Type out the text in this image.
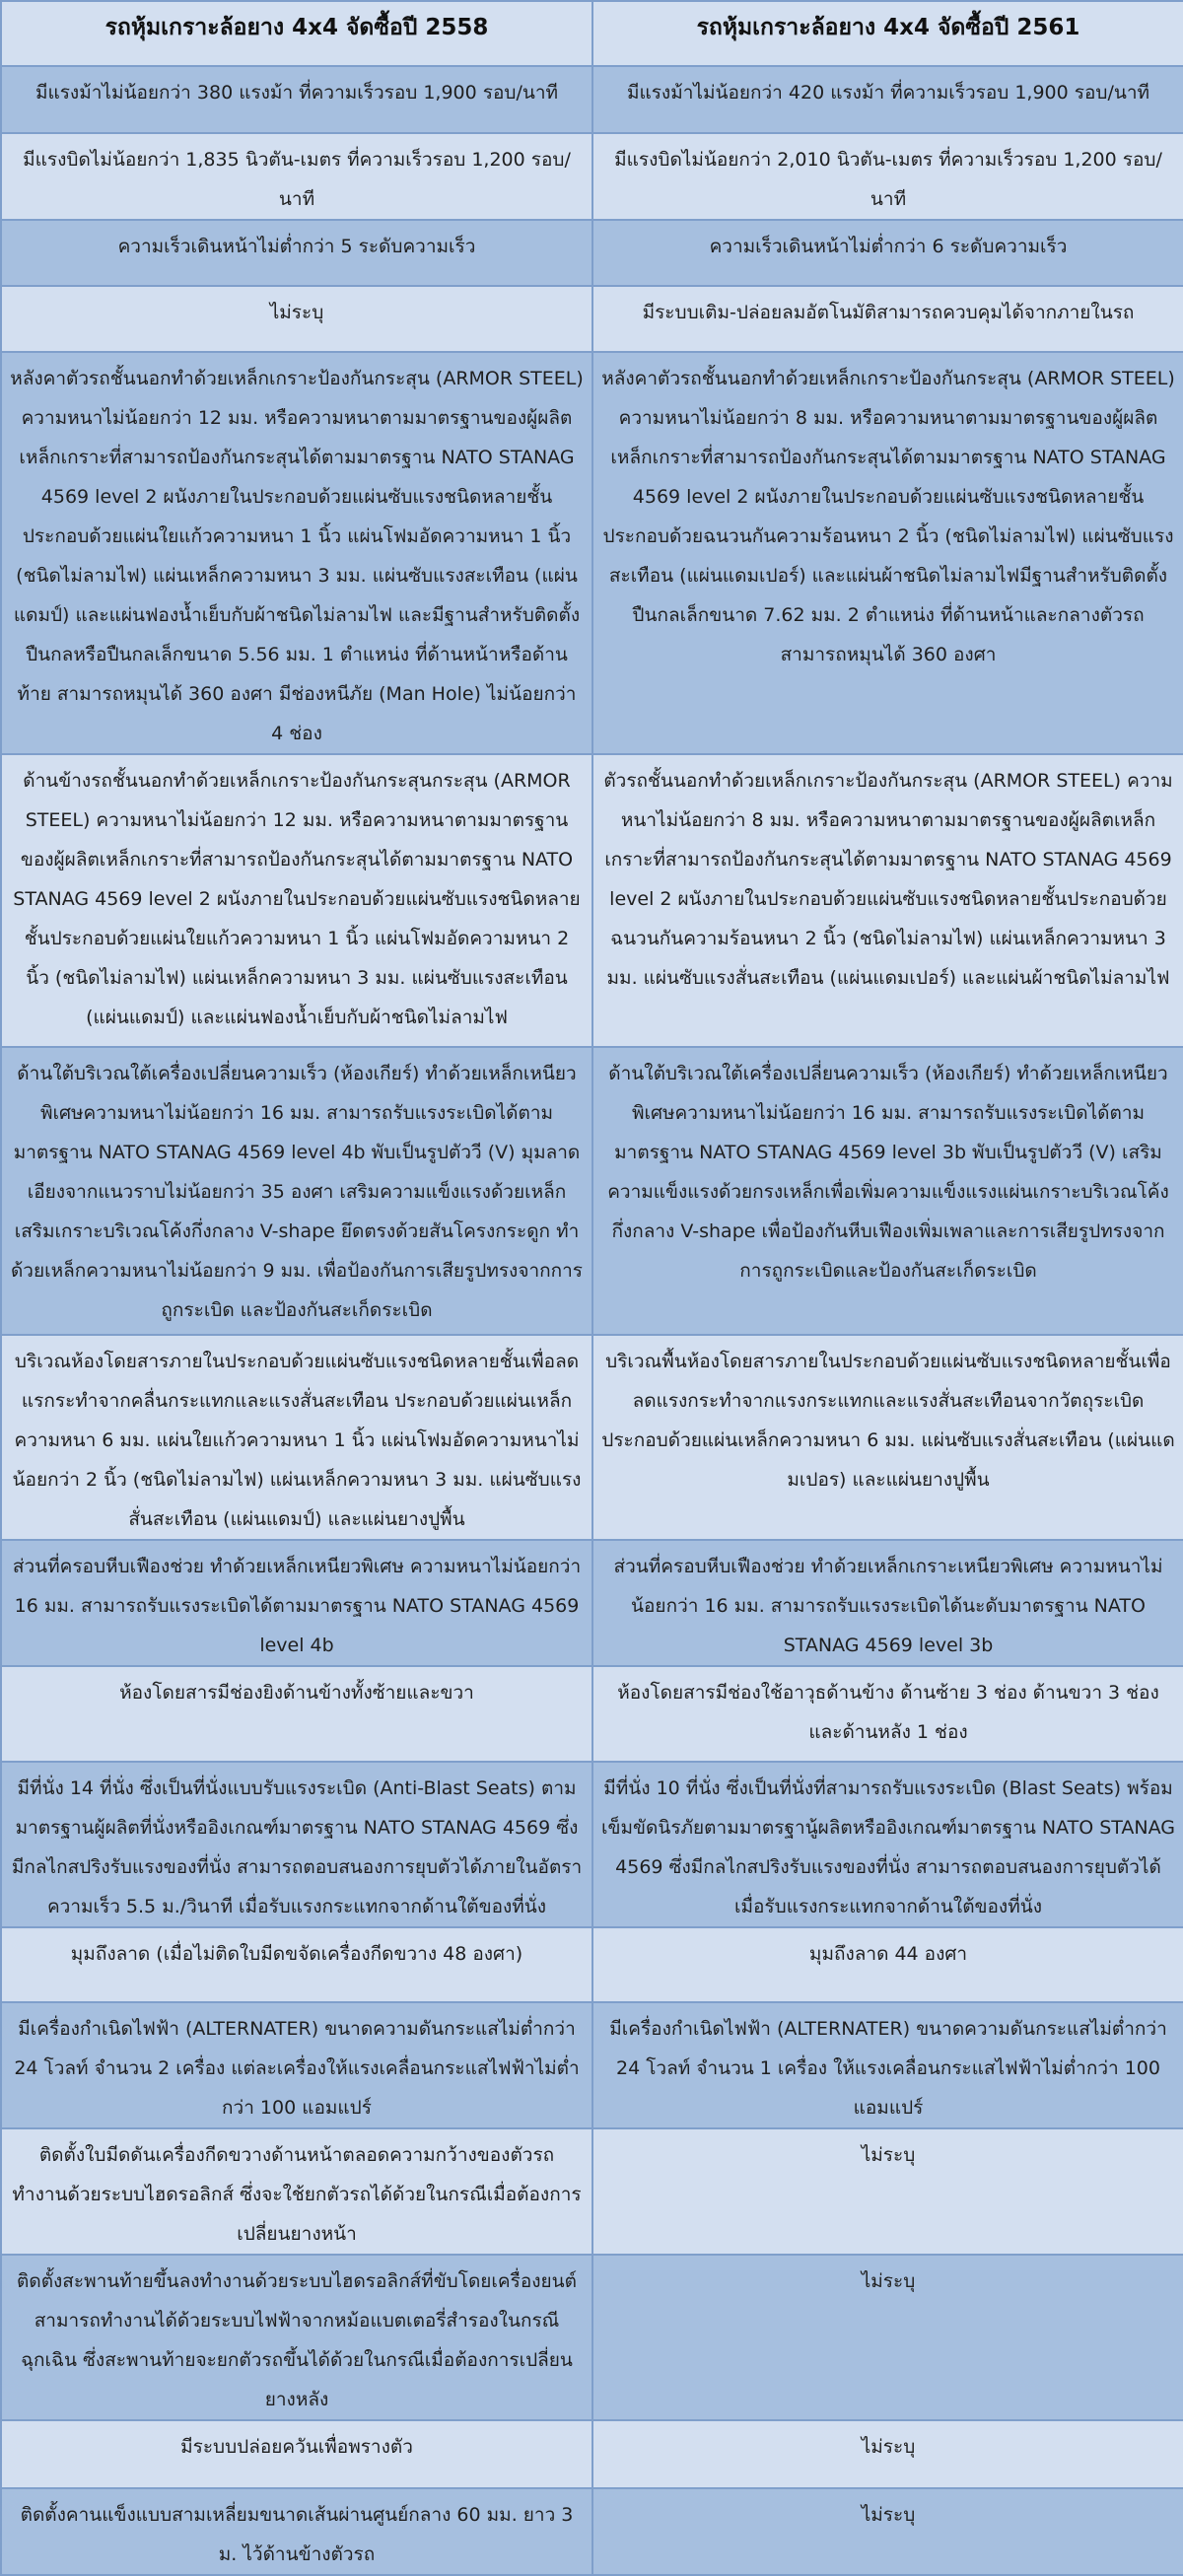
รถหุ้มเกราะล้อยาง 4x4 จัดซื้อปี 2558	รถหุ้มเกราะล้อยาง 4x4 จัดซื้อปี 2561
มีแรงม้าไม่น้อยกว่า 380 แรงม้า ที่ความเร็วรอบ 1,900 รอบ/นาที	มีแรงม้าไม่น้อยกว่า 420 แรงม้า ที่ความเร็วรอบ 1,900 รอบ/นาที
มีแรงบิดไม่น้อยกว่า 1,835 นิวตัน-เมตร ที่ความเร็วรอบ 1,200 รอบ/นาที	มีแรงบิดไม่น้อยกว่า 2,010 นิวตัน-เมตร ที่ความเร็วรอบ 1,200 รอบ/นาที
ความเร็วเดินหน้าไม่ต่ำกว่า 5 ระดับความเร็ว	ความเร็วเดินหน้าไม่ต่ำกว่า 6 ระดับความเร็ว
ไม่ระบุ	มีระบบเติม-ปล่อยลมอัตโนมัติสามารถควบคุมได้จากภายในรถ
หลังคาตัวรถชั้นนอกทำด้วยเหล็กเกราะป้องกันกระสุน (ARMOR STEEL) ความหนาไม่น้อยกว่า 12 มม. หรือความหนาตามมาตรฐานของผู้ผลิตเหล็กเกราะที่สามารถป้องกันกระสุนได้ตามมาตรฐาน NATO STANAG 4569 level 2 ผนังภายในประกอบด้วยแผ่นซับแรงชนิดหลายชั้นประกอบด้วยแผ่นใยแก้วความหนา 1 นิ้ว แผ่นโฟมอัดความหนา 1 นิ้ว (ชนิดไม่ลามไฟ) แผ่นเหล็กความหนา 3 มม. แผ่นซับแรงสะเทือน (แผ่นแดมป์) และแผ่นฟองน้ำเย็บกับผ้าชนิดไม่ลามไฟ และมีฐานสำหรับติดตั้งปืนกลหรือปืนกลเล็กขนาด 5.56 มม. 1 ตำแหน่ง ที่ด้านหน้าหรือด้านท้าย สามารถหมุนได้ 360 องศา มีช่องหนีภัย (Man Hole) ไม่น้อยกว่า 4 ช่อง	หลังคาตัวรถชั้นนอกทำด้วยเหล็กเกราะป้องกันกระสุน (ARMOR STEEL) ความหนาไม่น้อยกว่า 8 มม. หรือความหนาตามมาตรฐานของผู้ผลิตเหล็กเกราะที่สามารถป้องกันกระสุนได้ตามมาตรฐาน NATO STANAG 4569 level 2 ผนังภายในประกอบด้วยแผ่นซับแรงชนิดหลายชั้นประกอบด้วยฉนวนกันความร้อนหนา 2 นิ้ว (ชนิดไม่ลามไฟ) แผ่นซับแรงสะเทือน (แผ่นแดมเปอร์) และแผ่นผ้าชนิดไม่ลามไฟมีฐานสำหรับติดตั้งปืนกลเล็กขนาด 7.62 มม. 2 ตำแหน่ง ที่ด้านหน้าและกลางตัวรถ สามารถหมุนได้ 360 องศา
ด้านข้างรถชั้นนอกทำด้วยเหล็กเกราะป้องกันกระสุนกระสุน (ARMOR STEEL) ความหนาไม่น้อยกว่า 12 มม. หรือความหนาตามมาตรฐานของผู้ผลิตเหล็กเกราะที่สามารถป้องกันกระสุนได้ตามมาตรฐาน NATO STANAG 4569 level 2 ผนังภายในประกอบด้วยแผ่นซับแรงชนิดหลายชั้นประกอบด้วยแผ่นใยแก้วความหนา 1 นิ้ว แผ่นโฟมอัดความหนา 2 นิ้ว (ชนิดไม่ลามไฟ) แผ่นเหล็กความหนา 3 มม. แผ่นซับแรงสะเทือน (แผ่นแดมป์) และแผ่นฟองน้ำเย็บกับผ้าชนิดไม่ลามไฟ	ตัวรถชั้นนอกทำด้วยเหล็กเกราะป้องกันกระสุน (ARMOR STEEL) ความหนาไม่น้อยกว่า 8 มม. หรือความหนาตามมาตรฐานของผู้ผลิตเหล็กเกราะที่สามารถป้องกันกระสุนได้ตามมาตรฐาน NATO STANAG 4569 level 2 ผนังภายในประกอบด้วยแผ่นซับแรงชนิดหลายชั้นประกอบด้วยฉนวนกันความร้อนหนา 2 นิ้ว (ชนิดไม่ลามไฟ) แผ่นเหล็กความหนา 3 มม. แผ่นซับแรงสั่นสะเทือน (แผ่นแดมเปอร์) และแผ่นผ้าชนิดไม่ลามไฟ
ด้านใต้บริเวณใต้เครื่องเปลี่ยนความเร็ว (ห้องเกียร์) ทำด้วยเหล็กเหนียวพิเศษความหนาไม่น้อยกว่า 16 มม. สามารถรับแรงระเบิดได้ตามมาตรฐาน NATO STANAG 4569 level 4b พับเป็นรูปตัววี (V) มุมลาดเอียงจากแนวราบไม่น้อยกว่า 35 องศา เสริมความแข็งแรงด้วยเหล็กเสริมเกราะบริเวณโค้งกึ่งกลาง V-shape ยึดตรงด้วยสันโครงกระดูก ทำด้วยเหล็กความหนาไม่น้อยกว่า 9 มม. เพื่อป้องกันการเสียรูปทรงจากการถูกระเบิด และป้องกันสะเก็ดระเบิด	ด้านใต้บริเวณใต้เครื่องเปลี่ยนความเร็ว (ห้องเกียร์) ทำด้วยเหล็กเหนียวพิเศษความหนาไม่น้อยกว่า 16 มม. สามารถรับแรงระเบิดได้ตามมาตรฐาน NATO STANAG 4569 level 3b พับเป็นรูปตัววี (V) เสริมความแข็งแรงด้วยกรงเหล็กเพื่อเพิ่มความแข็งแรงแผ่นเกราะบริเวณโค้งกึ่งกลาง V-shape เพื่อป้องกันหีบเฟืองเพิ่มเพลาและการเสียรูปทรงจากการถูกระเบิดและป้องกันสะเก็ดระเบิด
บริเวณห้องโดยสารภายในประกอบด้วยแผ่นซับแรงชนิดหลายชั้นเพื่อลดแรกระทำจากคลื่นกระแทกและแรงสั่นสะเทือน ประกอบด้วยแผ่นเหล็กความหนา 6 มม. แผ่นใยแก้วความหนา 1 นิ้ว แผ่นโฟมอัดความหนาไม่น้อยกว่า 2 นิ้ว (ชนิดไม่ลามไฟ) แผ่นเหล็กความหนา 3 มม. แผ่นซับแรงสั่นสะเทือน (แผ่นแดมป์) และแผ่นยางปูพื้น	บริเวณพื้นห้องโดยสารภายในประกอบด้วยแผ่นซับแรงชนิดหลายชั้นเพื่อลดแรงกระทำจากแรงกระแทกและแรงสั่นสะเทือนจากวัตถุระเบิด ประกอบด้วยแผ่นเหล็กความหนา 6 มม. แผ่นซับแรงสั่นสะเทือน (แผ่นแดมเปอร) และแผ่นยางปูพื้น
ส่วนที่ครอบหีบเฟืองช่วย ทำด้วยเหล็กเหนียวพิเศษ ความหนาไม่น้อยกว่า 16 มม. สามารถรับแรงระเบิดได้ตามมาตรฐาน NATO STANAG 4569 level 4b	ส่วนที่ครอบหีบเฟืองช่วย ทำด้วยเหล็กเกราะเหนียวพิเศษ ความหนาไม่น้อยกว่า 16 มม. สามารถรับแรงระเบิดได้นะดับมาตรฐาน NATO STANAG 4569 level 3b
ห้องโดยสารมีช่องยิงด้านข้างทั้งซ้ายและขวา	ห้องโดยสารมีช่องใช้อาวุธด้านข้าง ด้านซ้าย 3 ช่อง ด้านขวา 3 ช่อง และด้านหลัง 1 ช่อง
มีที่นั่ง 14 ที่นั่ง ซึ่งเป็นที่นั่งแบบรับแรงระเบิด (Anti-Blast Seats) ตามมาตรฐานผู้ผลิตที่นั่งหรืออิงเกณฑ์มาตรฐาน NATO STANAG 4569 ซึ่งมีกลไกสปริงรับแรงของที่นั่ง สามารถตอบสนองการยุบตัวได้ภายในอัตราความเร็ว 5.5 ม./วินาที เมื่อรับแรงกระแทกจากด้านใต้ของที่นั่ง	มีที่นั่ง 10 ที่นั่ง ซึ่งเป็นที่นั่งที่สามารถรับแรงระเบิด (Blast Seats) พร้อมเข็มขัดนิรภัยตามมาตรฐานู้ผลิตหรืออิงเกณฑ์มาตรฐาน NATO STANAG 4569 ซึ่งมีกลไกสปริงรับแรงของที่นั่ง สามารถตอบสนองการยุบตัวได้เมื่อรับแรงกระแทกจากด้านใต้ของที่นั่ง
มุมถึงลาด (เมื่อไม่ติดใบมีดขจัดเครื่องกีดขวาง 48 องศา)	มุมถึงลาด 44 องศา
มีเครื่องกำเนิดไฟฟ้า (ALTERNATER) ขนาดความดันกระแสไม่ต่ำกว่า 24 โวลท์ จำนวน 2 เครื่อง แต่ละเครื่องให้แรงเคลื่อนกระแสไฟฟ้าไม่ต่ำกว่า 100 แอมแปร์	มีเครื่องกำเนิดไฟฟ้า (ALTERNATER) ขนาดความดันกระแสไม่ต่ำกว่า 24 โวลท์ จำนวน 1 เครื่อง ให้แรงเคลื่อนกระแสไฟฟ้าไม่ต่ำกว่า 100 แอมแปร์
ติดตั้งใบมีดดันเครื่องกีดขวางด้านหน้าตลอดความกว้างของตัวรถ ทำงานด้วยระบบไฮดรอลิกส์ ซึ่งจะใช้ยกตัวรถได้ด้วยในกรณีเมื่อต้องการเปลี่ยนยางหน้า	ไม่ระบุ
ติดตั้งสะพานท้ายขึ้นลงทำงานด้วยระบบไฮดรอลิกส์ที่ขับโดยเครื่องยนต์ สามารถทำงานได้ด้วยระบบไฟฟ้าจากหม้อแบตเตอรี่สำรองในกรณีฉุกเฉิน ซึ่งสะพานท้ายจะยกตัวรถขึ้นได้ด้วยในกรณีเมื่อต้องการเปลี่ยนยางหลัง	ไม่ระบุ
มีระบบปล่อยควันเพื่อพรางตัว	ไม่ระบุ
ติดตั้งคานแข็งแบบสามเหลี่ยมขนาดเส้นผ่านศูนย์กลาง 60 มม. ยาว 3 ม. ไว้ด้านข้างตัวรถ	ไม่ระบุ
